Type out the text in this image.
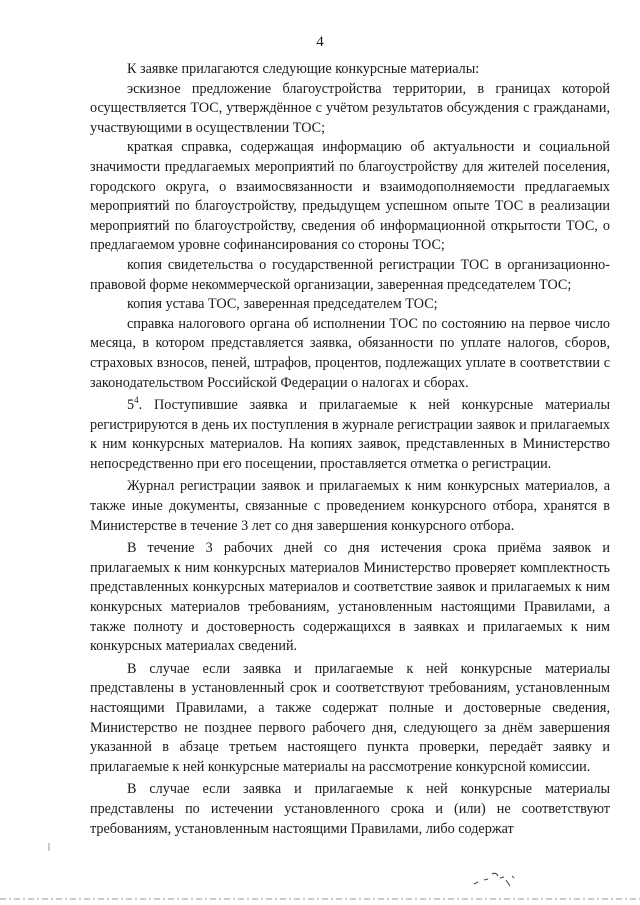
4

К заявке прилагаются следующие конкурсные материалы:

эскизное предложение благоустройства территории, в границах которой осуществляется ТОС, утверждённое с учётом результатов обсуждения с гражданами, участвующими в осуществлении ТОС;

краткая справка, содержащая информацию об актуальности и социальной значимости предлагаемых мероприятий по благоустройству для жителей поселения, городского округа, о взаимосвязанности и взаимодополняемости предлагаемых мероприятий по благоустройству, предыдущем успешном опыте ТОС в реализации мероприятий по благоустройству, сведения об информационной открытости ТОС, о предлагаемом уровне софинансирования со стороны ТОС;

копия свидетельства о государственной регистрации ТОС в организационно-правовой форме некоммерческой организации, заверенная председателем ТОС;

копия устава ТОС, заверенная председателем ТОС;

справка налогового органа об исполнении ТОС по состоянию на первое число месяца, в котором представляется заявка, обязанности по уплате налогов, сборов, страховых взносов, пеней, штрафов, процентов, подлежащих уплате в соответствии с законодательством Российской Федерации о налогах и сборах.

$5^4$. Поступившие заявка и прилагаемые к ней конкурсные материалы регистрируются в день их поступления в журнале регистрации заявок и прилагаемых к ним конкурсных материалов. На копиях заявок, представленных в Министерство непосредственно при его посещении, проставляется отметка о регистрации.

Журнал регистрации заявок и прилагаемых к ним конкурсных материалов, а также иные документы, связанные с проведением конкурсного отбора, хранятся в Министерстве в течение 3 лет со дня завершения конкурсного отбора.

В течение 3 рабочих дней со дня истечения срока приёма заявок и прилагаемых к ним конкурсных материалов Министерство проверяет комплектность представленных конкурсных материалов и соответствие заявок и прилагаемых к ним конкурсных материалов требованиям, установленным настоящими Правилами, а также полноту и достоверность содержащихся в заявках и прилагаемых к ним конкурсных материалах сведений.

В случае если заявка и прилагаемые к ней конкурсные материалы представлены в установленный срок и соответствуют требованиям, установленным настоящими Правилами, а также содержат полные и достоверные сведения, Министерство не позднее первого рабочего дня, следующего за днём завершения указанной в абзаце третьем настоящего пункта проверки, передаёт заявку и прилагаемые к ней конкурсные материалы на рассмотрение конкурсной комиссии.

В случае если заявка и прилагаемые к ней конкурсные материалы представлены по истечении установленного срока и (или) не соответствуют требованиям, установленным настоящими Правилами, либо содержат
